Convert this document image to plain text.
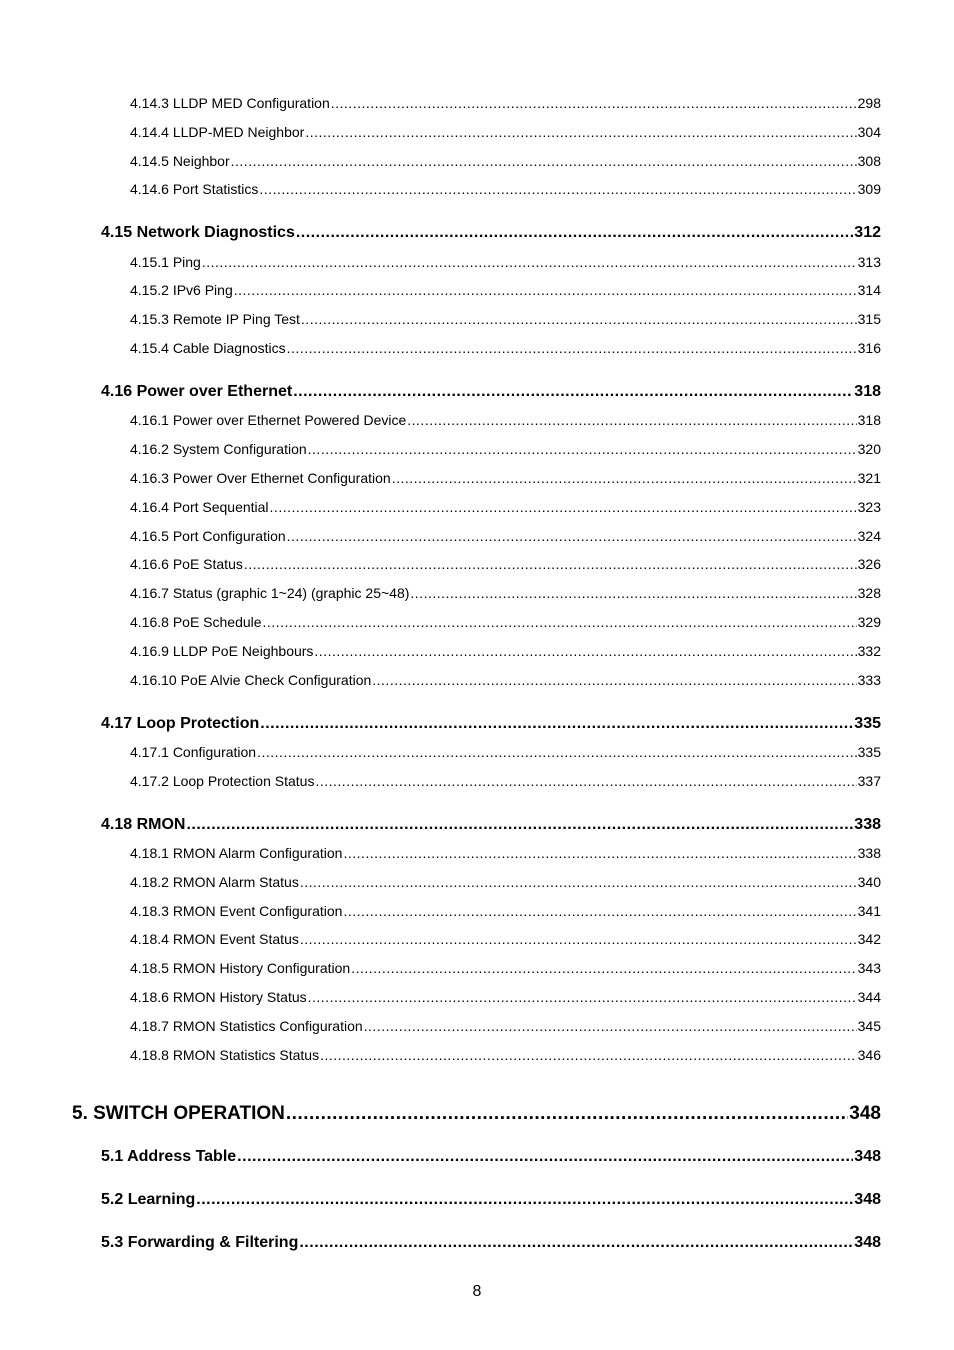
4.14.3 LLDP MED Configuration .....	298
4.14.4 LLDP-MED Neighbor .....	304
4.14.5 Neighbor .....	308
4.14.6 Port Statistics .....	309
4.15 Network Diagnostics .....	312
4.15.1 Ping .....	313
4.15.2 IPv6 Ping .....	314
4.15.3 Remote IP Ping Test .....	315
4.15.4 Cable Diagnostics .....	316
4.16 Power over Ethernet .....	318
4.16.1 Power over Ethernet Powered Device .....	318
4.16.2 System Configuration .....	320
4.16.3 Power Over Ethernet Configuration .....	321
4.16.4 Port Sequential .....	323
4.16.5 Port Configuration .....	324
4.16.6 PoE Status .....	326
4.16.7 Status (graphic 1~24) (graphic 25~48) .....	328
4.16.8 PoE Schedule .....	329
4.16.9 LLDP PoE Neighbours .....	332
4.16.10 PoE Alvie Check Configuration .....	333
4.17 Loop Protection .....	335
4.17.1 Configuration .....	335
4.17.2 Loop Protection Status .....	337
4.18 RMON .....	338
4.18.1 RMON Alarm Configuration .....	338
4.18.2 RMON Alarm Status .....	340
4.18.3 RMON Event Configuration .....	341
4.18.4 RMON Event Status .....	342
4.18.5 RMON History Configuration .....	343
4.18.6 RMON History Status .....	344
4.18.7 RMON Statistics Configuration .....	345
4.18.8 RMON Statistics Status .....	346
5. SWITCH OPERATION .....	348
5.1 Address Table .....	348
5.2 Learning .....	348
5.3 Forwarding & Filtering .....	348
8
